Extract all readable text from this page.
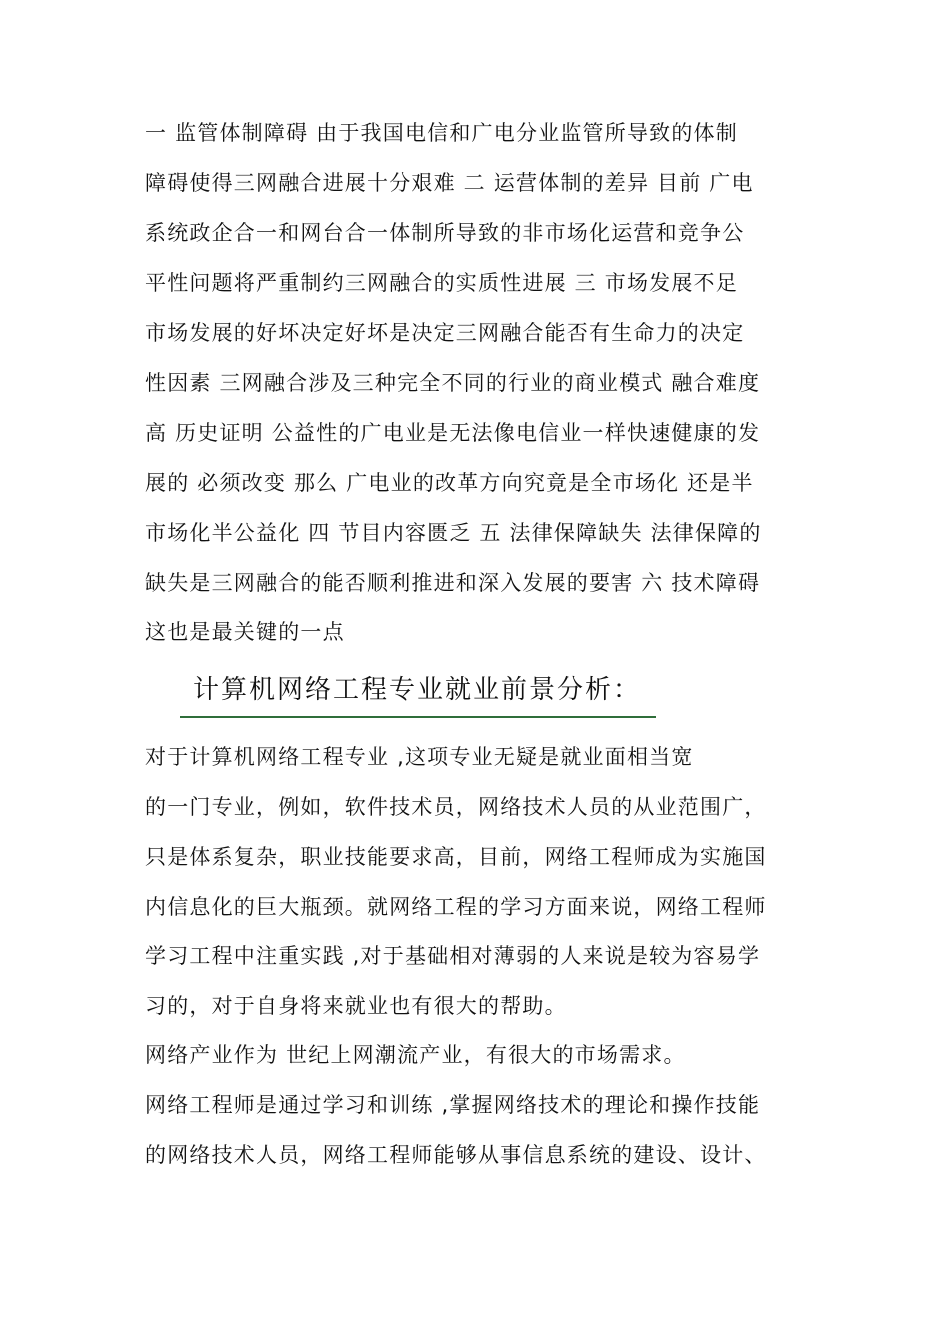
一 监管体制障碍 由于我国电信和广电分业监管所导致的体制
障碍使得三网融合进展十分艰难 二 运营体制的差异 目前 广电
系统政企合一和网台合一体制所导致的非市场化运营和竞争公
平性问题将严重制约三网融合的实质性进展 三 市场发展不足
市场发展的好坏决定好坏是决定三网融合能否有生命力的决定
性因素 三网融合涉及三种完全不同的行业的商业模式 融合难度
高 历史证明 公益性的广电业是无法像电信业一样快速健康的发
展的 必须改变 那么 广电业的改革方向究竟是全市场化 还是半
市场化半公益化 四 节目内容匮乏 五 法律保障缺失 法律保障的
缺失是三网融合的能否顺利推进和深入发展的要害 六 技术障碍
这也是最关键的一点
计算机网络工程专业就业前景分析：
对于计算机网络工程专业 ,这项专业无疑是就业面相当宽
的一门专业，例如，软件技术员，网络技术人员的从业范围广，
只是体系复杂，职业技能要求高，目前，网络工程师成为实施国
内信息化的巨大瓶颈。就网络工程的学习方面来说，网络工程师
学习工程中注重实践 ,对于基础相对薄弱的人来说是较为容易学
习的，对于自身将来就业也有很大的帮助。
网络产业作为 世纪上网潮流产业，有很大的市场需求。
网络工程师是通过学习和训练 ,掌握网络技术的理论和操作技能
的网络技术人员，网络工程师能够从事信息系统的建设、设计、
